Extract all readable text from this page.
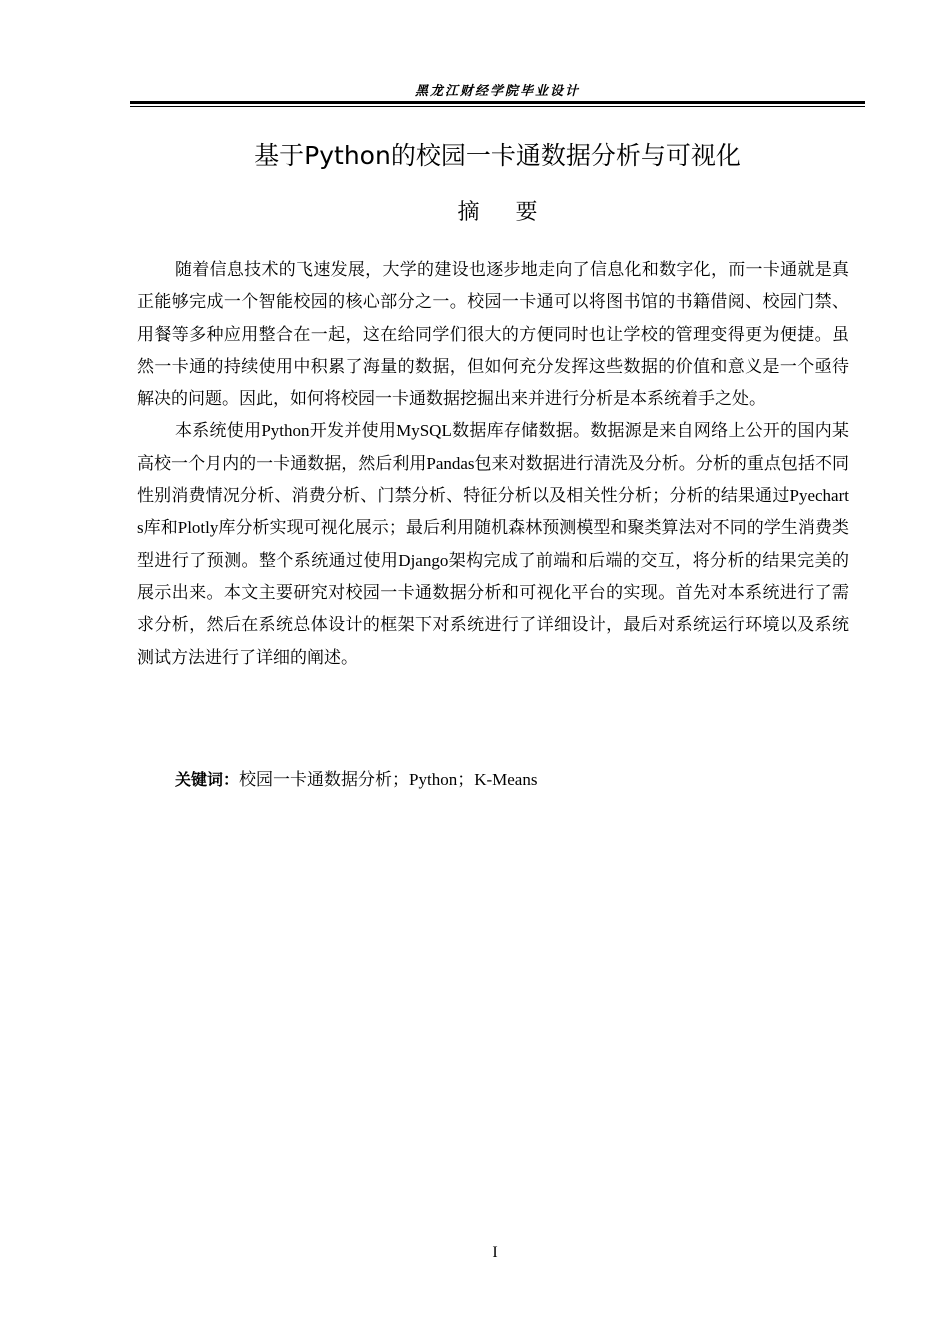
黑龙江财经学院毕业设计
基于Python的校园一卡通数据分析与可视化
摘要

随着信息技术的飞速发展，大学的建设也逐步地走向了信息化和数字化，而一卡通就是真正能够完成一个智能校园的核心部分之一。校园一卡通可以将图书馆的书籍借阅、校园门禁、用餐等多种应用整合在一起，这在给同学们很大的方便同时也让学校的管理变得更为便捷。虽然一卡通的持续使用中积累了海量的数据，但如何充分发挥这些数据的价值和意义是一个亟待解决的问题。因此，如何将校园一卡通数据挖掘出来并进行分析是本系统着手之处。

本系统使用Python开发并使用MySQL数据库存储数据。数据源是来自网络上公开的国内某高校一个月内的一卡通数据，然后利用Pandas包来对数据进行清洗及分析。分析的重点包括不同性别消费情况分析、消费分析、门禁分析、特征分析以及相关性分析；分析的结果通过Pyecharts库和Plotly库分析实现可视化展示；最后利用随机森林预测模型和聚类算法对不同的学生消费类型进行了预测。整个系统通过使用Django架构完成了前端和后端的交互，将分析的结果完美的展示出来。本文主要研究对校园一卡通数据分析和可视化平台的实现。首先对本系统进行了需求分析，然后在系统总体设计的框架下对系统进行了详细设计，最后对系统运行环境以及系统测试方法进行了详细的阐述。

关键词：校园一卡通数据分析；Python；K-Means
I
